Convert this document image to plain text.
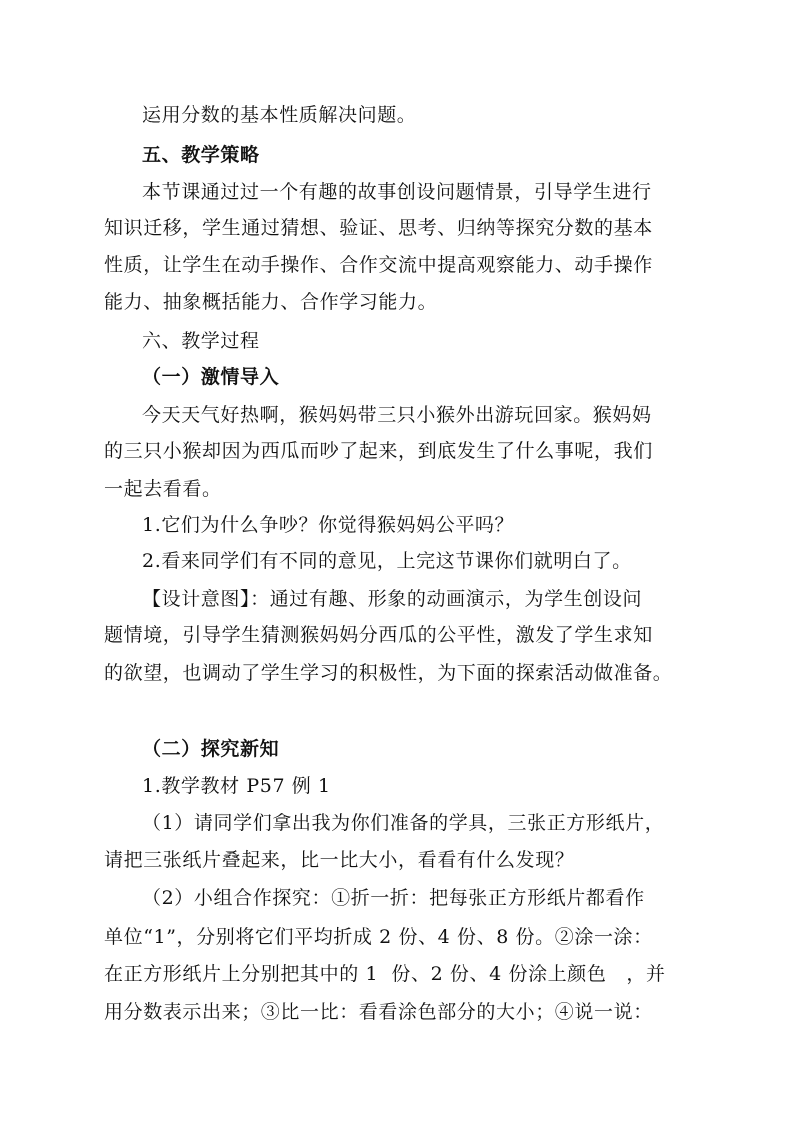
运用分数的基本性质解决问题。
五、教学策略
本节课通过过一个有趣的故事创设问题情景，引导学生进行
知识迁移，学生通过猜想、验证、思考、归纳等探究分数的基本
性质，让学生在动手操作、合作交流中提高观察能力、动手操作
能力、抽象概括能力、合作学习能力。
六、教学过程
（一）激情导入
今天天气好热啊，猴妈妈带三只小猴外出游玩回家。猴妈妈
的三只小猴却因为西瓜而吵了起来，到底发生了什么事呢，我们
一起去看看。
1.它们为什么争吵？你觉得猴妈妈公平吗？
2.看来同学们有不同的意见，上完这节课你们就明白了。
【设计意图】：通过有趣、形象的动画演示，为学生创设问
题情境，引导学生猜测猴妈妈分西瓜的公平性，激发了学生求知
的欲望，也调动了学生学习的积极性，为下面的探索活动做准备。
（二）探究新知
1.教学教材 P57 例 1
（1）请同学们拿出我为你们准备的学具，三张正方形纸片，
请把三张纸片叠起来，比一比大小，看看有什么发现？
（2）小组合作探究：①折一折：把每张正方形纸片都看作
单位“1”，分别将它们平均折成 2 份、4 份、8 份。②涂一涂：
在正方形纸片上分别把其中的 1  份、2 份、4 份涂上颜色   ，并
用分数表示出来；③比一比：看看涂色部分的大小；④说一说：
